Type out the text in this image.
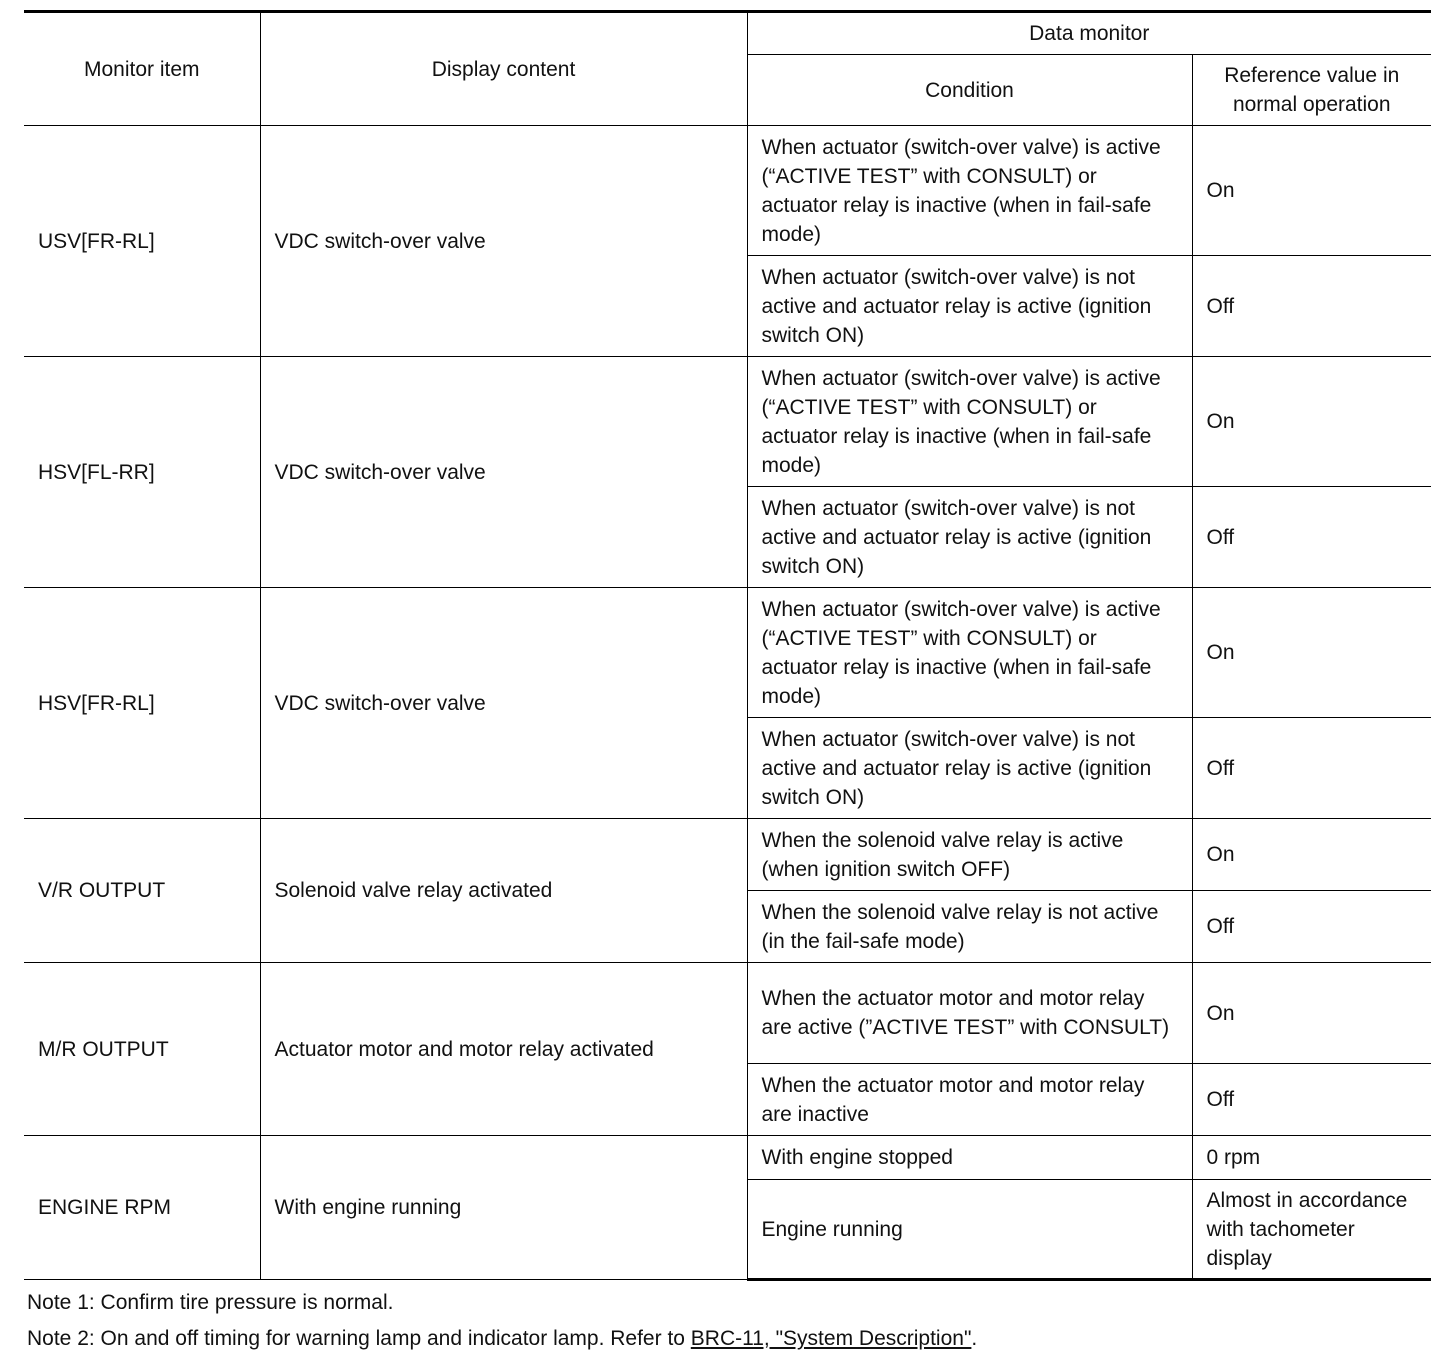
Monitor item	Display content	Data monitor	
		Condition	Reference value in normal operation
USV[FR-RL]	VDC switch-over valve	When actuator (switch-over valve) is active (“ACTIVE TEST” with CONSULT) or actuator relay is inactive (when in fail-safe mode)	On
		When actuator (switch-over valve) is not active and actuator relay is active (ignition switch ON)	Off
HSV[FL-RR]	VDC switch-over valve	When actuator (switch-over valve) is active (“ACTIVE TEST” with CONSULT) or actuator relay is inactive (when in fail-safe mode)	On
		When actuator (switch-over valve) is not active and actuator relay is active (ignition switch ON)	Off
HSV[FR-RL]	VDC switch-over valve	When actuator (switch-over valve) is active (“ACTIVE TEST” with CONSULT) or actuator relay is inactive (when in fail-safe mode)	On
		When actuator (switch-over valve) is not active and actuator relay is active (ignition switch ON)	Off
V/R OUTPUT	Solenoid valve relay activated	When the solenoid valve relay is active (when ignition switch OFF)	On
		When the solenoid valve relay is not active (in the fail-safe mode)	Off
M/R OUTPUT	Actuator motor and motor relay activated	When the actuator motor and motor relay are active (”ACTIVE TEST” with CONSULT)	On
		When the actuator motor and motor relay are inactive	Off
ENGINE RPM	With engine running	With engine stopped	0 rpm
		Engine running	Almost in accordance with tachometer display
Note 1: Confirm tire pressure is normal.
Note 2: On and off timing for warning lamp and indicator lamp. Refer to BRC-11, "System Description".
